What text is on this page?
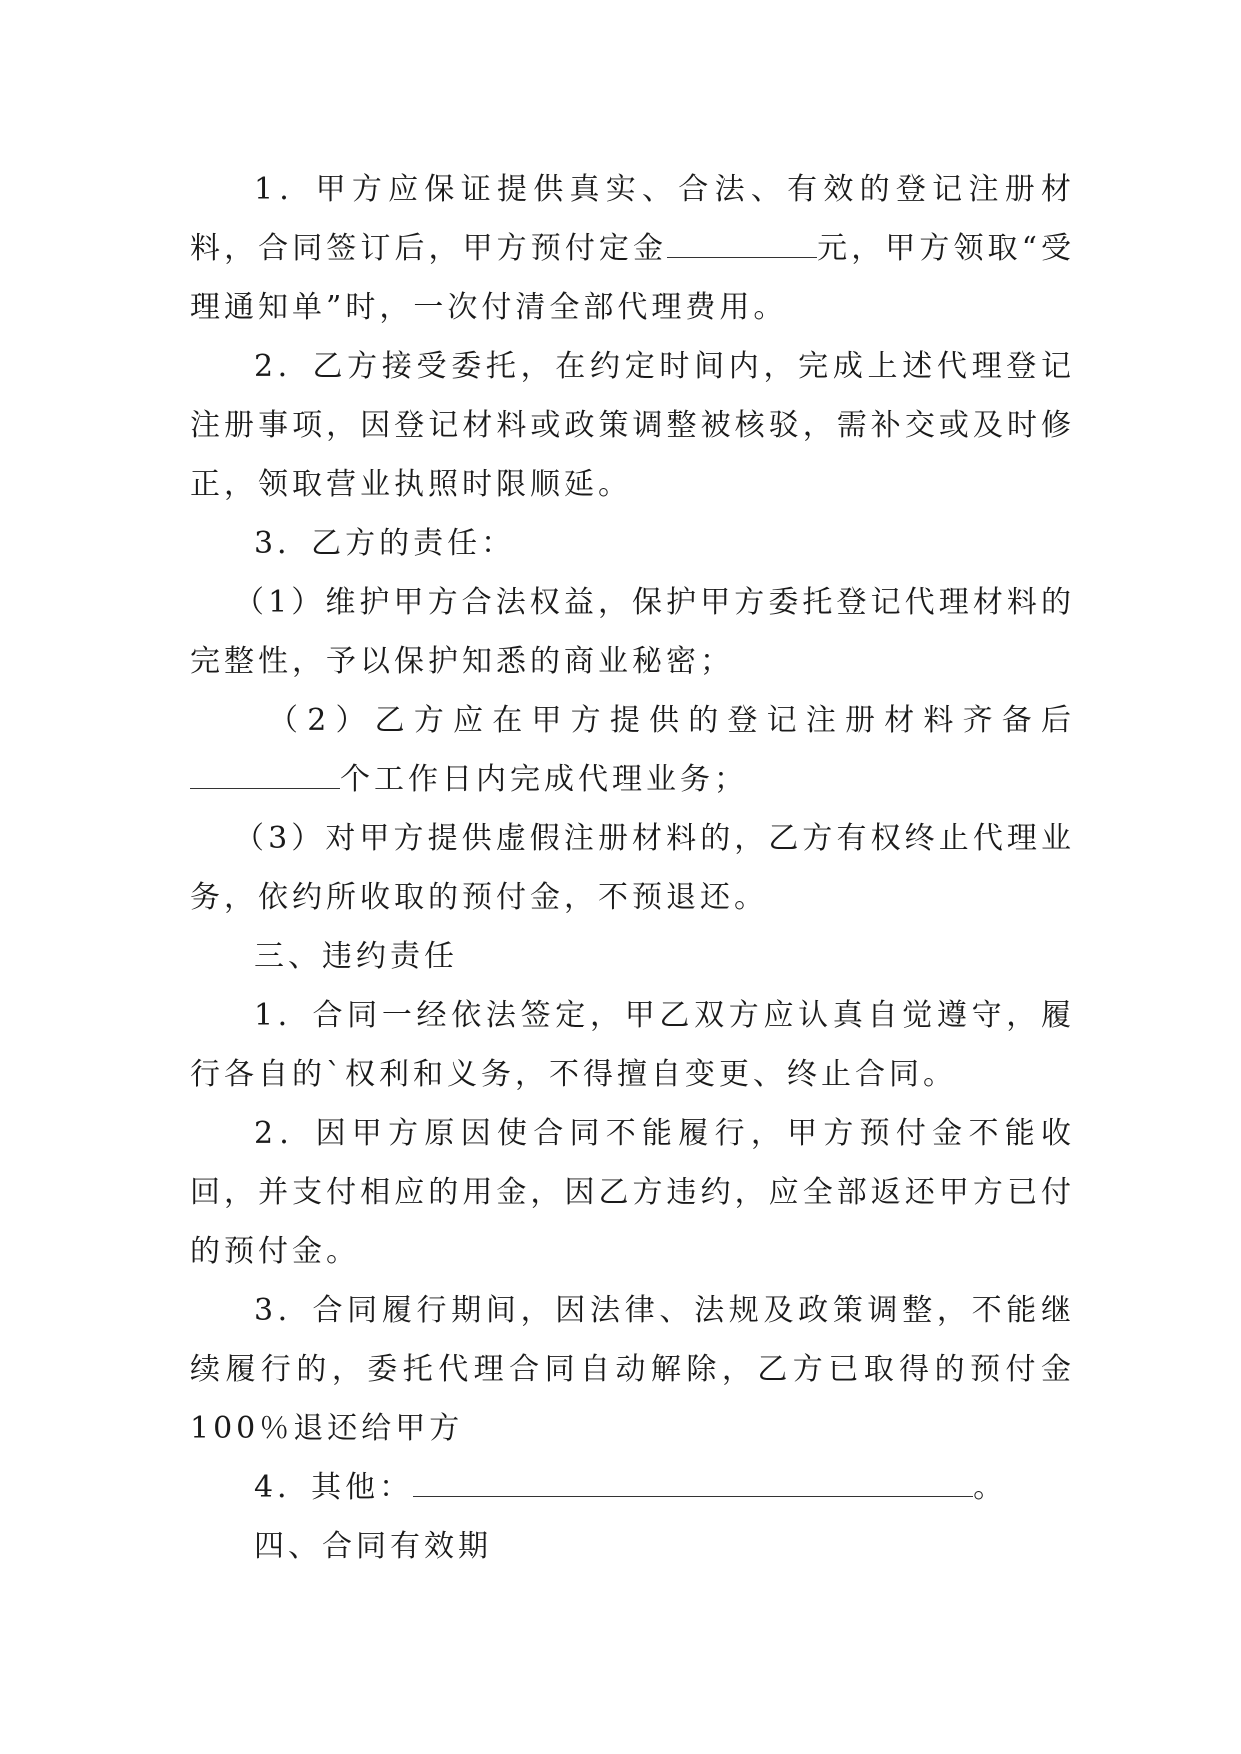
1．甲方应保证提供真实、合法、有效的登记注册材料，合同签订后，甲方预付定金	元，甲方领取“受理通知单”时，一次付清全部代理费用。

2．乙方接受委托，在约定时间内，完成上述代理登记注册事项，因登记材料或政策调整被核驳，需补交或及时修正，领取营业执照时限顺延。

3．乙方的责任：

（1）维护甲方合法权益，保护甲方委托登记代理材料的完整性，予以保护知悉的商业秘密；

（2）乙方应在甲方提供的登记注册材料齐备后个工作日内完成代理业务；

（3）对甲方提供虚假注册材料的，乙方有权终止代理业务，依约所收取的预付金，不预退还。

三、违约责任

1．合同一经依法签定，甲乙双方应认真自觉遵守，履行各自的`权利和义务，不得擅自变更、终止合同。

2．因甲方原因使合同不能履行，甲方预付金不能收回，并支付相应的用金，因乙方违约，应全部返还甲方已付的预付金。

3．合同履行期间，因法律、法规及政策调整，不能继续履行的，委托代理合同自动解除，乙方已取得的预付金100％退还给甲方

4．其他：	。

四、合同有效期
